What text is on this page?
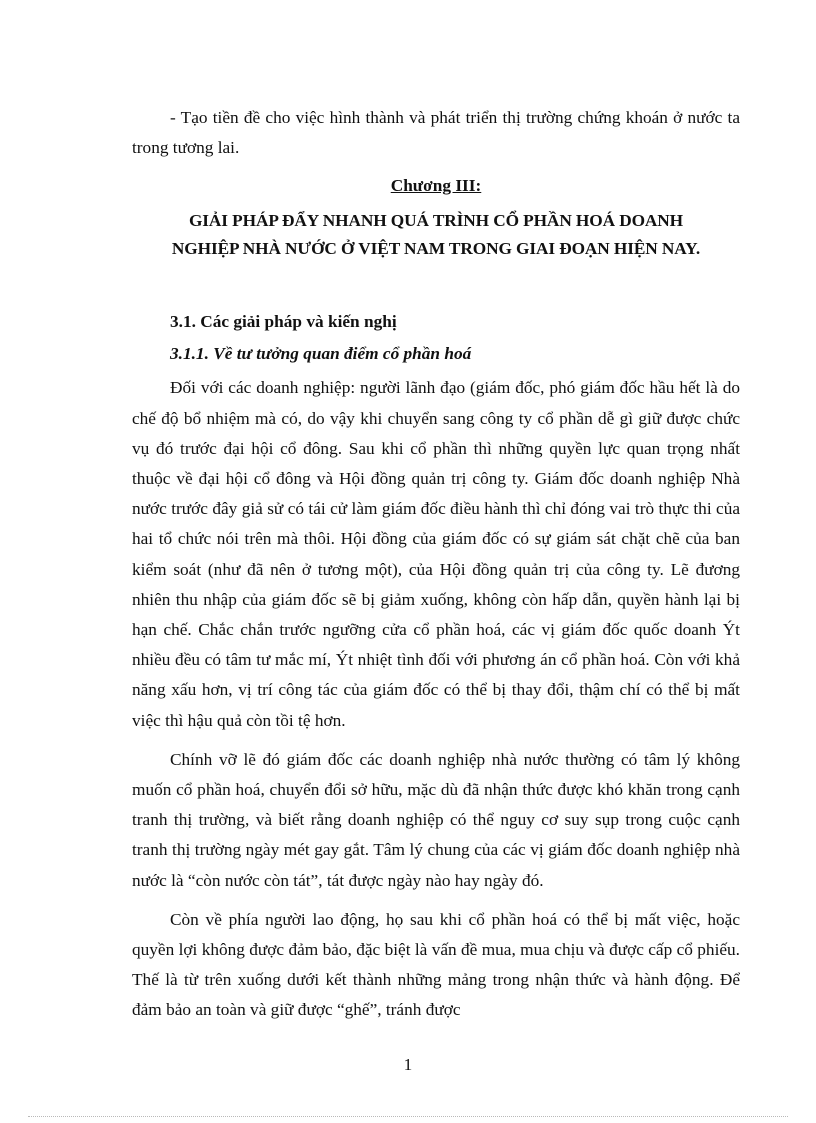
- Tạo tiền đề cho việc hình thành và phát triển thị trường chứng khoán ở nước ta trong tương lai.

Chương III:
GIẢI PHÁP ĐẨY NHANH QUÁ TRÌNH CỔ PHẦN HOÁ DOANH
NGHIỆP NHÀ NƯỚC Ở VIỆT NAM TRONG GIAI ĐOẠN HIỆN NAY.
3.1. Các giải pháp và kiến nghị
3.1.1. Về tư tưởng quan điểm cổ phần hoá

Đối với các doanh nghiệp: người lãnh đạo (giám đốc, phó giám đốc hầu hết là do chế độ bổ nhiệm mà có, do vậy khi chuyển sang công ty cổ phần dễ gì giữ được chức vụ đó trước đại hội cổ đông. Sau khi cổ phần thì những quyền lực quan trọng nhất thuộc về đại hội cổ đông và Hội đồng quản trị công ty. Giám đốc doanh nghiệp Nhà nước trước đây giả sử có tái cử làm giám đốc điều hành thì chỉ đóng vai trò thực thi của hai tổ chức nói trên mà thôi. Hội đồng của giám đốc có sự giám sát chặt chẽ của ban kiểm soát (như đã nên ở tương một), của Hội đồng quản trị của công ty. Lẽ đương nhiên thu nhập của giám đốc sẽ bị giảm xuống, không còn hấp dẫn, quyền hành lại bị hạn chế. Chắc chắn trước ngưỡng cửa cổ phần hoá, các vị giám đốc quốc doanh Ýt nhiều đều có tâm tư mắc mí, Ýt nhiệt tình đối với phương án cổ phần hoá. Còn với khả năng xấu hơn, vị trí công tác của giám đốc có thể bị thay đổi, thậm chí có thể bị mất việc thì hậu quả còn tồi tệ hơn.

Chính vỡ lẽ đó giám đốc các doanh nghiệp nhà nước thường có tâm lý không muốn cổ phần hoá, chuyển đổi sở hữu, mặc dù đã nhận thức được khó khăn trong cạnh tranh thị trường, và biết rằng doanh nghiệp có thể nguy cơ suy sụp trong cuộc cạnh tranh thị trường ngày mét gay gắt. Tâm lý chung của các vị giám đốc doanh nghiệp nhà nước là “còn nước còn tát”, tát được ngày nào hay ngày đó.

Còn về phía người lao động, họ sau khi cổ phần hoá có thể bị mất việc, hoặc quyền lợi không được đảm bảo, đặc biệt là vấn đề mua, mua chịu và được cấp cổ phiếu. Thế là từ trên xuống dưới kết thành những mảng trong nhận thức và hành động. Để đảm bảo an toàn và giữ được “ghế”, tránh được

1
